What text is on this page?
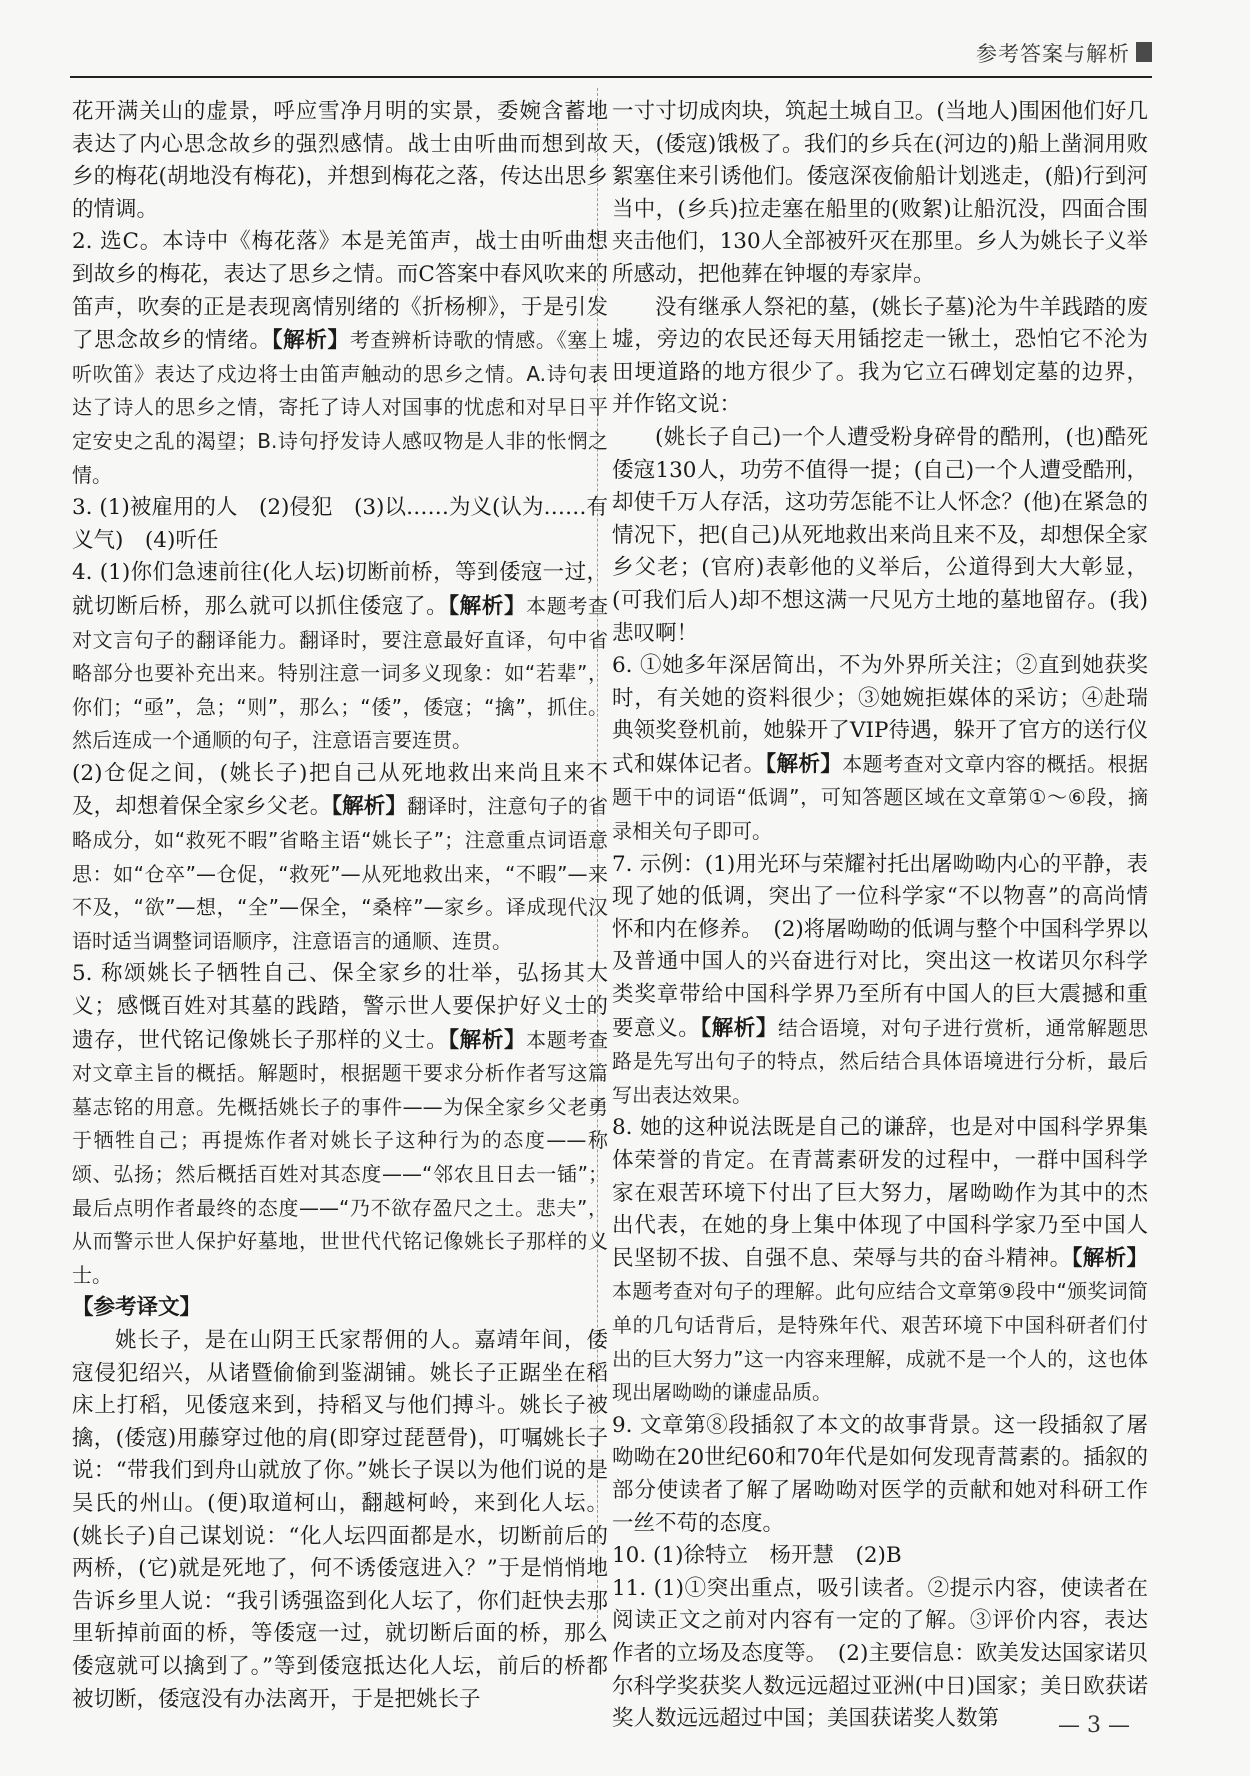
参考答案与解析

花开满关山的虚景，呼应雪净月明的实景，委婉含蓄地表达了内心思念故乡的强烈感情。战士由听曲而想到故乡的梅花(胡地没有梅花)，并想到梅花之落，传达出思乡的情调。

2. 选C。本诗中《梅花落》本是羌笛声，战士由听曲想到故乡的梅花，表达了思乡之情。而C答案中春风吹来的笛声，吹奏的正是表现离情别绪的《折杨柳》，于是引发了思念故乡的情绪。【解析】考查辨析诗歌的情感。《塞上听吹笛》表达了戍边将士由笛声触动的思乡之情。A.诗句表达了诗人的思乡之情，寄托了诗人对国事的忧虑和对早日平定安史之乱的渴望；B.诗句抒发诗人感叹物是人非的怅惘之情。

3. (1)被雇用的人　(2)侵犯　(3)以……为义(认为……有义气)　(4)听任

4. (1)你们急速前往(化人坛)切断前桥，等到倭寇一过，就切断后桥，那么就可以抓住倭寇了。【解析】本题考查对文言句子的翻译能力。翻译时，要注意最好直译，句中省略部分也要补充出来。特别注意一词多义现象：如“若辈”，你们；“亟”，急；“则”，那么；“倭”，倭寇；“擒”，抓住。然后连成一个通顺的句子，注意语言要连贯。

(2)仓促之间，(姚长子)把自己从死地救出来尚且来不及，却想着保全家乡父老。【解析】翻译时，注意句子的省略成分，如“救死不暇”省略主语“姚长子”；注意重点词语意思：如“仓卒”—仓促，“救死”—从死地救出来，“不暇”—来不及，“欲”—想，“全”—保全，“桑梓”—家乡。译成现代汉语时适当调整词语顺序，注意语言的通顺、连贯。

5. 称颂姚长子牺牲自己、保全家乡的壮举，弘扬其大义；感慨百姓对其墓的践踏，警示世人要保护好义士的遗存，世代铭记像姚长子那样的义士。【解析】本题考查对文章主旨的概括。解题时，根据题干要求分析作者写这篇墓志铭的用意。先概括姚长子的事件——为保全家乡父老勇于牺牲自己；再提炼作者对姚长子这种行为的态度——称颂、弘扬；然后概括百姓对其态度——“邻农且日去一锸”；最后点明作者最终的态度——“乃不欲存盈尺之土。悲夫”，从而警示世人保护好墓地，世世代代铭记像姚长子那样的义士。

【参考译文】

姚长子，是在山阴王氏家帮佣的人。嘉靖年间，倭寇侵犯绍兴，从诸暨偷偷到鉴湖铺。姚长子正踞坐在稻床上打稻，见倭寇来到，持稻叉与他们搏斗。姚长子被擒，(倭寇)用藤穿过他的肩(即穿过琵琶骨)，叮嘱姚长子说：“带我们到舟山就放了你。”姚长子误以为他们说的是吴氏的州山。(便)取道柯山，翻越柯岭，来到化人坛。(姚长子)自己谋划说：“化人坛四面都是水，切断前后的两桥，(它)就是死地了，何不诱倭寇进入？”于是悄悄地告诉乡里人说：“我引诱强盗到化人坛了，你们赶快去那里斩掉前面的桥，等倭寇一过，就切断后面的桥，那么倭寇就可以擒到了。”等到倭寇抵达化人坛，前后的桥都被切断，倭寇没有办法离开，于是把姚长子

一寸寸切成肉块，筑起土城自卫。(当地人)围困他们好几天，(倭寇)饿极了。我们的乡兵在(河边的)船上凿洞用败絮塞住来引诱他们。倭寇深夜偷船计划逃走，(船)行到河当中，(乡兵)拉走塞在船里的(败絮)让船沉没，四面合围夹击他们，130人全部被歼灭在那里。乡人为姚长子义举所感动，把他葬在钟堰的寿家岸。

没有继承人祭祀的墓，(姚长子墓)沦为牛羊践踏的废墟，旁边的农民还每天用锸挖走一锹土，恐怕它不沦为田埂道路的地方很少了。我为它立石碑划定墓的边界，并作铭文说：

(姚长子自己)一个人遭受粉身碎骨的酷刑，(也)酷死倭寇130人，功劳不值得一提；(自己)一个人遭受酷刑，却使千万人存活，这功劳怎能不让人怀念？(他)在紧急的情况下，把(自己)从死地救出来尚且来不及，却想保全家乡父老；(官府)表彰他的义举后，公道得到大大彰显，(可我们后人)却不想这满一尺见方土地的墓地留存。(我)悲叹啊！

6. ①她多年深居简出，不为外界所关注；②直到她获奖时，有关她的资料很少；③她婉拒媒体的采访；④赴瑞典领奖登机前，她躲开了VIP待遇，躲开了官方的送行仪式和媒体记者。【解析】本题考查对文章内容的概括。根据题干中的词语“低调”，可知答题区域在文章第①～⑥段，摘录相关句子即可。

7. 示例：(1)用光环与荣耀衬托出屠呦呦内心的平静，表现了她的低调，突出了一位科学家“不以物喜”的高尚情怀和内在修养。　(2)将屠呦呦的低调与整个中国科学界以及普通中国人的兴奋进行对比，突出这一枚诺贝尔科学类奖章带给中国科学界乃至所有中国人的巨大震撼和重要意义。【解析】结合语境，对句子进行赏析，通常解题思路是先写出句子的特点，然后结合具体语境进行分析，最后写出表达效果。

8. 她的这种说法既是自己的谦辞，也是对中国科学界集体荣誉的肯定。在青蒿素研发的过程中，一群中国科学家在艰苦环境下付出了巨大努力，屠呦呦作为其中的杰出代表，在她的身上集中体现了中国科学家乃至中国人民坚韧不拔、自强不息、荣辱与共的奋斗精神。【解析】本题考查对句子的理解。此句应结合文章第⑨段中“颁奖词简单的几句话背后，是特殊年代、艰苦环境下中国科研者们付出的巨大努力”这一内容来理解，成就不是一个人的，这也体现出屠呦呦的谦虚品质。

9. 文章第⑧段插叙了本文的故事背景。这一段插叙了屠呦呦在20世纪60和70年代是如何发现青蒿素的。插叙的部分使读者了解了屠呦呦对医学的贡献和她对科研工作一丝不苟的态度。

10. (1)徐特立　杨开慧　(2)B

11. (1)①突出重点，吸引读者。②提示内容，使读者在阅读正文之前对内容有一定的了解。③评价内容，表达作者的立场及态度等。　(2)主要信息：欧美发达国家诺贝尔科学奖获奖人数远远超过亚洲(中日)国家；美日欧获诺奖人数远远超过中国；美国获诺奖人数第	— 3 —
